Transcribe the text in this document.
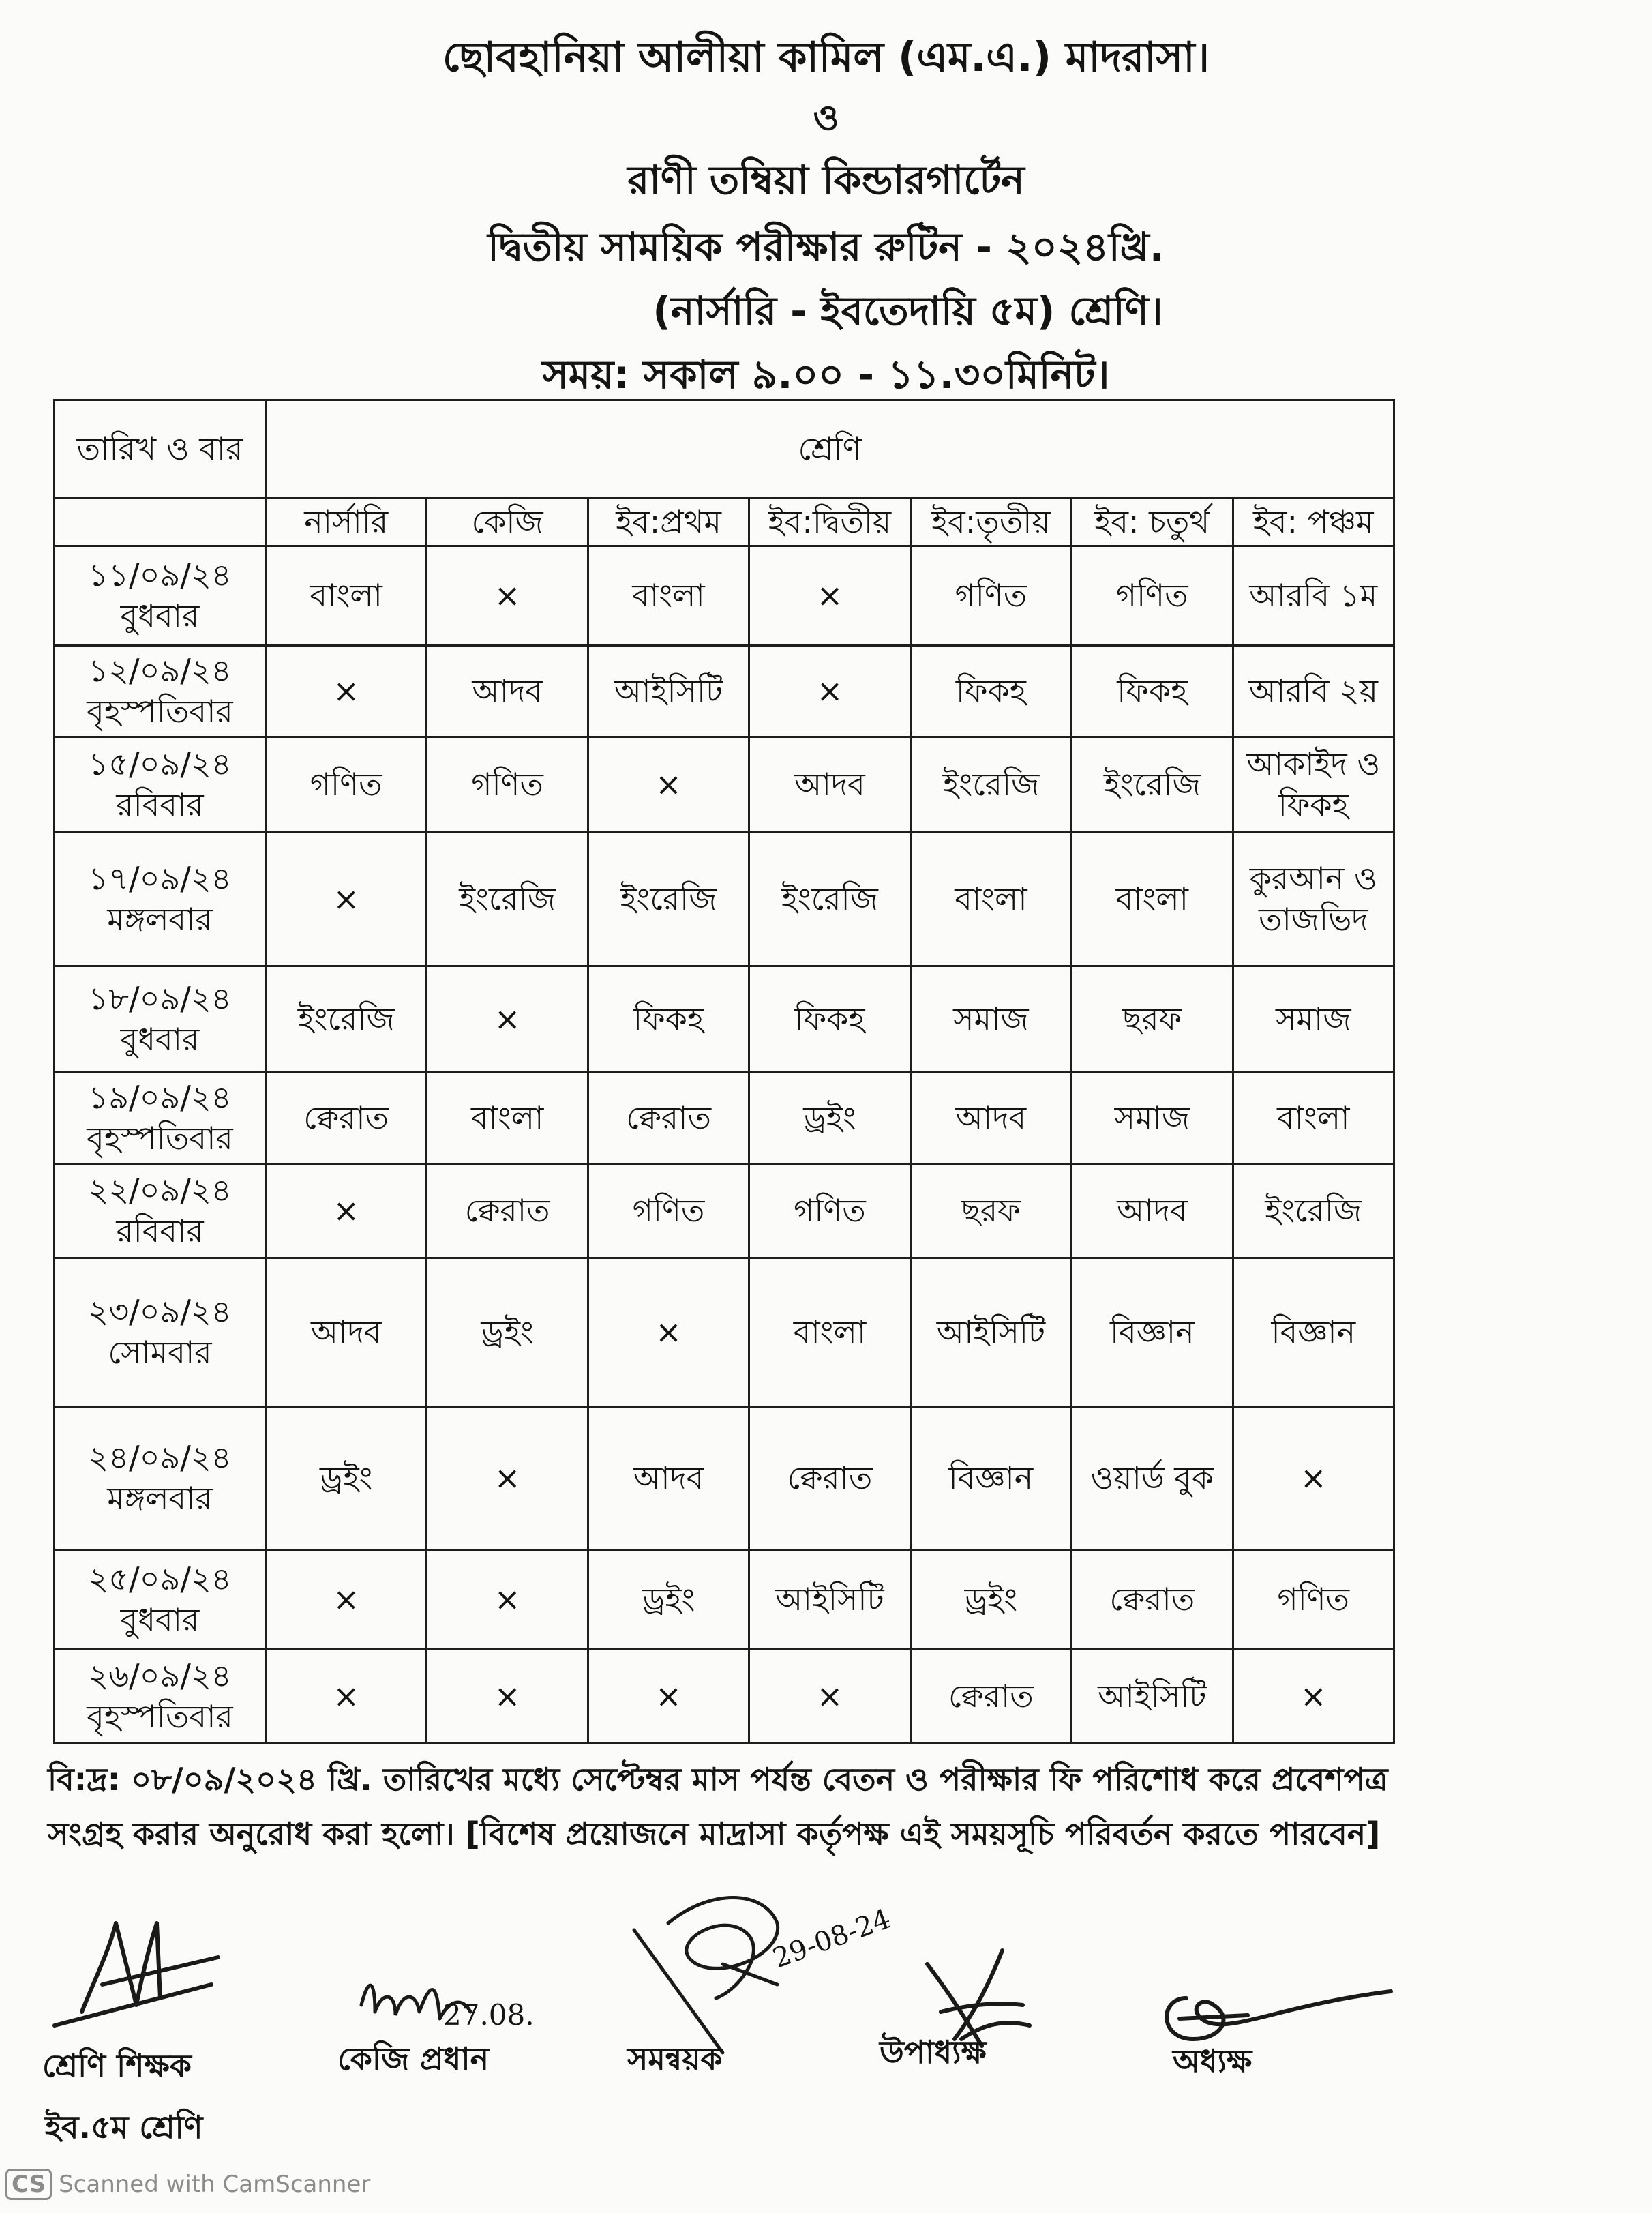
ছোবহানিয়া আলীয়া কামিল (এম.এ.) মাদরাসা।
ও
রাণী তম্বিয়া কিন্ডারগার্টেন
দ্বিতীয় সাময়িক পরীক্ষার রুটিন - ২০২৪খ্রি.
(নার্সারি - ইবতেদায়ি ৫ম) শ্রেণি।
সময়: সকাল ৯.০০ - ১১.৩০মিনিট।
তারিখ ও বার	শ্রেণি						
	নার্সারি	কেজি	ইব:প্রথম	ইব:দ্বিতীয়	ইব:তৃতীয়	ইব: চতুর্থ	ইব: পঞ্চম

১১/০৯/২৪
বুধবার	বাংলা	×	বাংলা	×	গণিত	গণিত	আরবি ১ম

১২/০৯/২৪
বৃহস্পতিবার	×	আদব	আইসিটি	×	ফিকহ	ফিকহ	আরবি ২য়

১৫/০৯/২৪
রবিবার	গণিত	গণিত	×	আদব	ইংরেজি	ইংরেজি	আকাইদ ও ফিকহ

১৭/০৯/২৪
মঙ্গলবার	×	ইংরেজি	ইংরেজি	ইংরেজি	বাংলা	বাংলা	কুরআন ও তাজভিদ

১৮/০৯/২৪
বুধবার	ইংরেজি	×	ফিকহ	ফিকহ	সমাজ	ছরফ	সমাজ

১৯/০৯/২৪
বৃহস্পতিবার	ক্বেরাত	বাংলা	ক্বেরাত	ড্রইং	আদব	সমাজ	বাংলা

২২/০৯/২৪
রবিবার	×	ক্বেরাত	গণিত	গণিত	ছরফ	আদব	ইংরেজি

২৩/০৯/২৪
সোমবার	আদব	ড্রইং	×	বাংলা	আইসিটি	বিজ্ঞান	বিজ্ঞান

২৪/০৯/২৪
মঙ্গলবার	ড্রইং	×	আদব	ক্বেরাত	বিজ্ঞান	ওয়ার্ড বুক	×

২৫/০৯/২৪
বুধবার	×	×	ড্রইং	আইসিটি	ড্রইং	ক্বেরাত	গণিত

২৬/০৯/২৪
বৃহস্পতিবার	×	×	×	×	ক্বেরাত	আইসিটি	×
বি:দ্র: ০৮/০৯/২০২৪ খ্রি. তারিখের মধ্যে সেপ্টেম্বর মাস পর্যন্ত বেতন ও পরীক্ষার ফি পরিশোধ করে প্রবেশপত্র
সংগ্রহ করার অনুরোধ করা হলো। [বিশেষ প্রয়োজনে মাদ্রাসা কর্তৃপক্ষ এই সময়সূচি পরিবর্তন করতে পারবেন]
শ্রেণি শিক্ষক
ইব.৫ম শ্রেণি
27.08.
কেজি প্রধান
29-08-24
সমন্বয়ক	উপাধ্যক্ষ	অধ্যক্ষ
CS Scanned with CamScanner
